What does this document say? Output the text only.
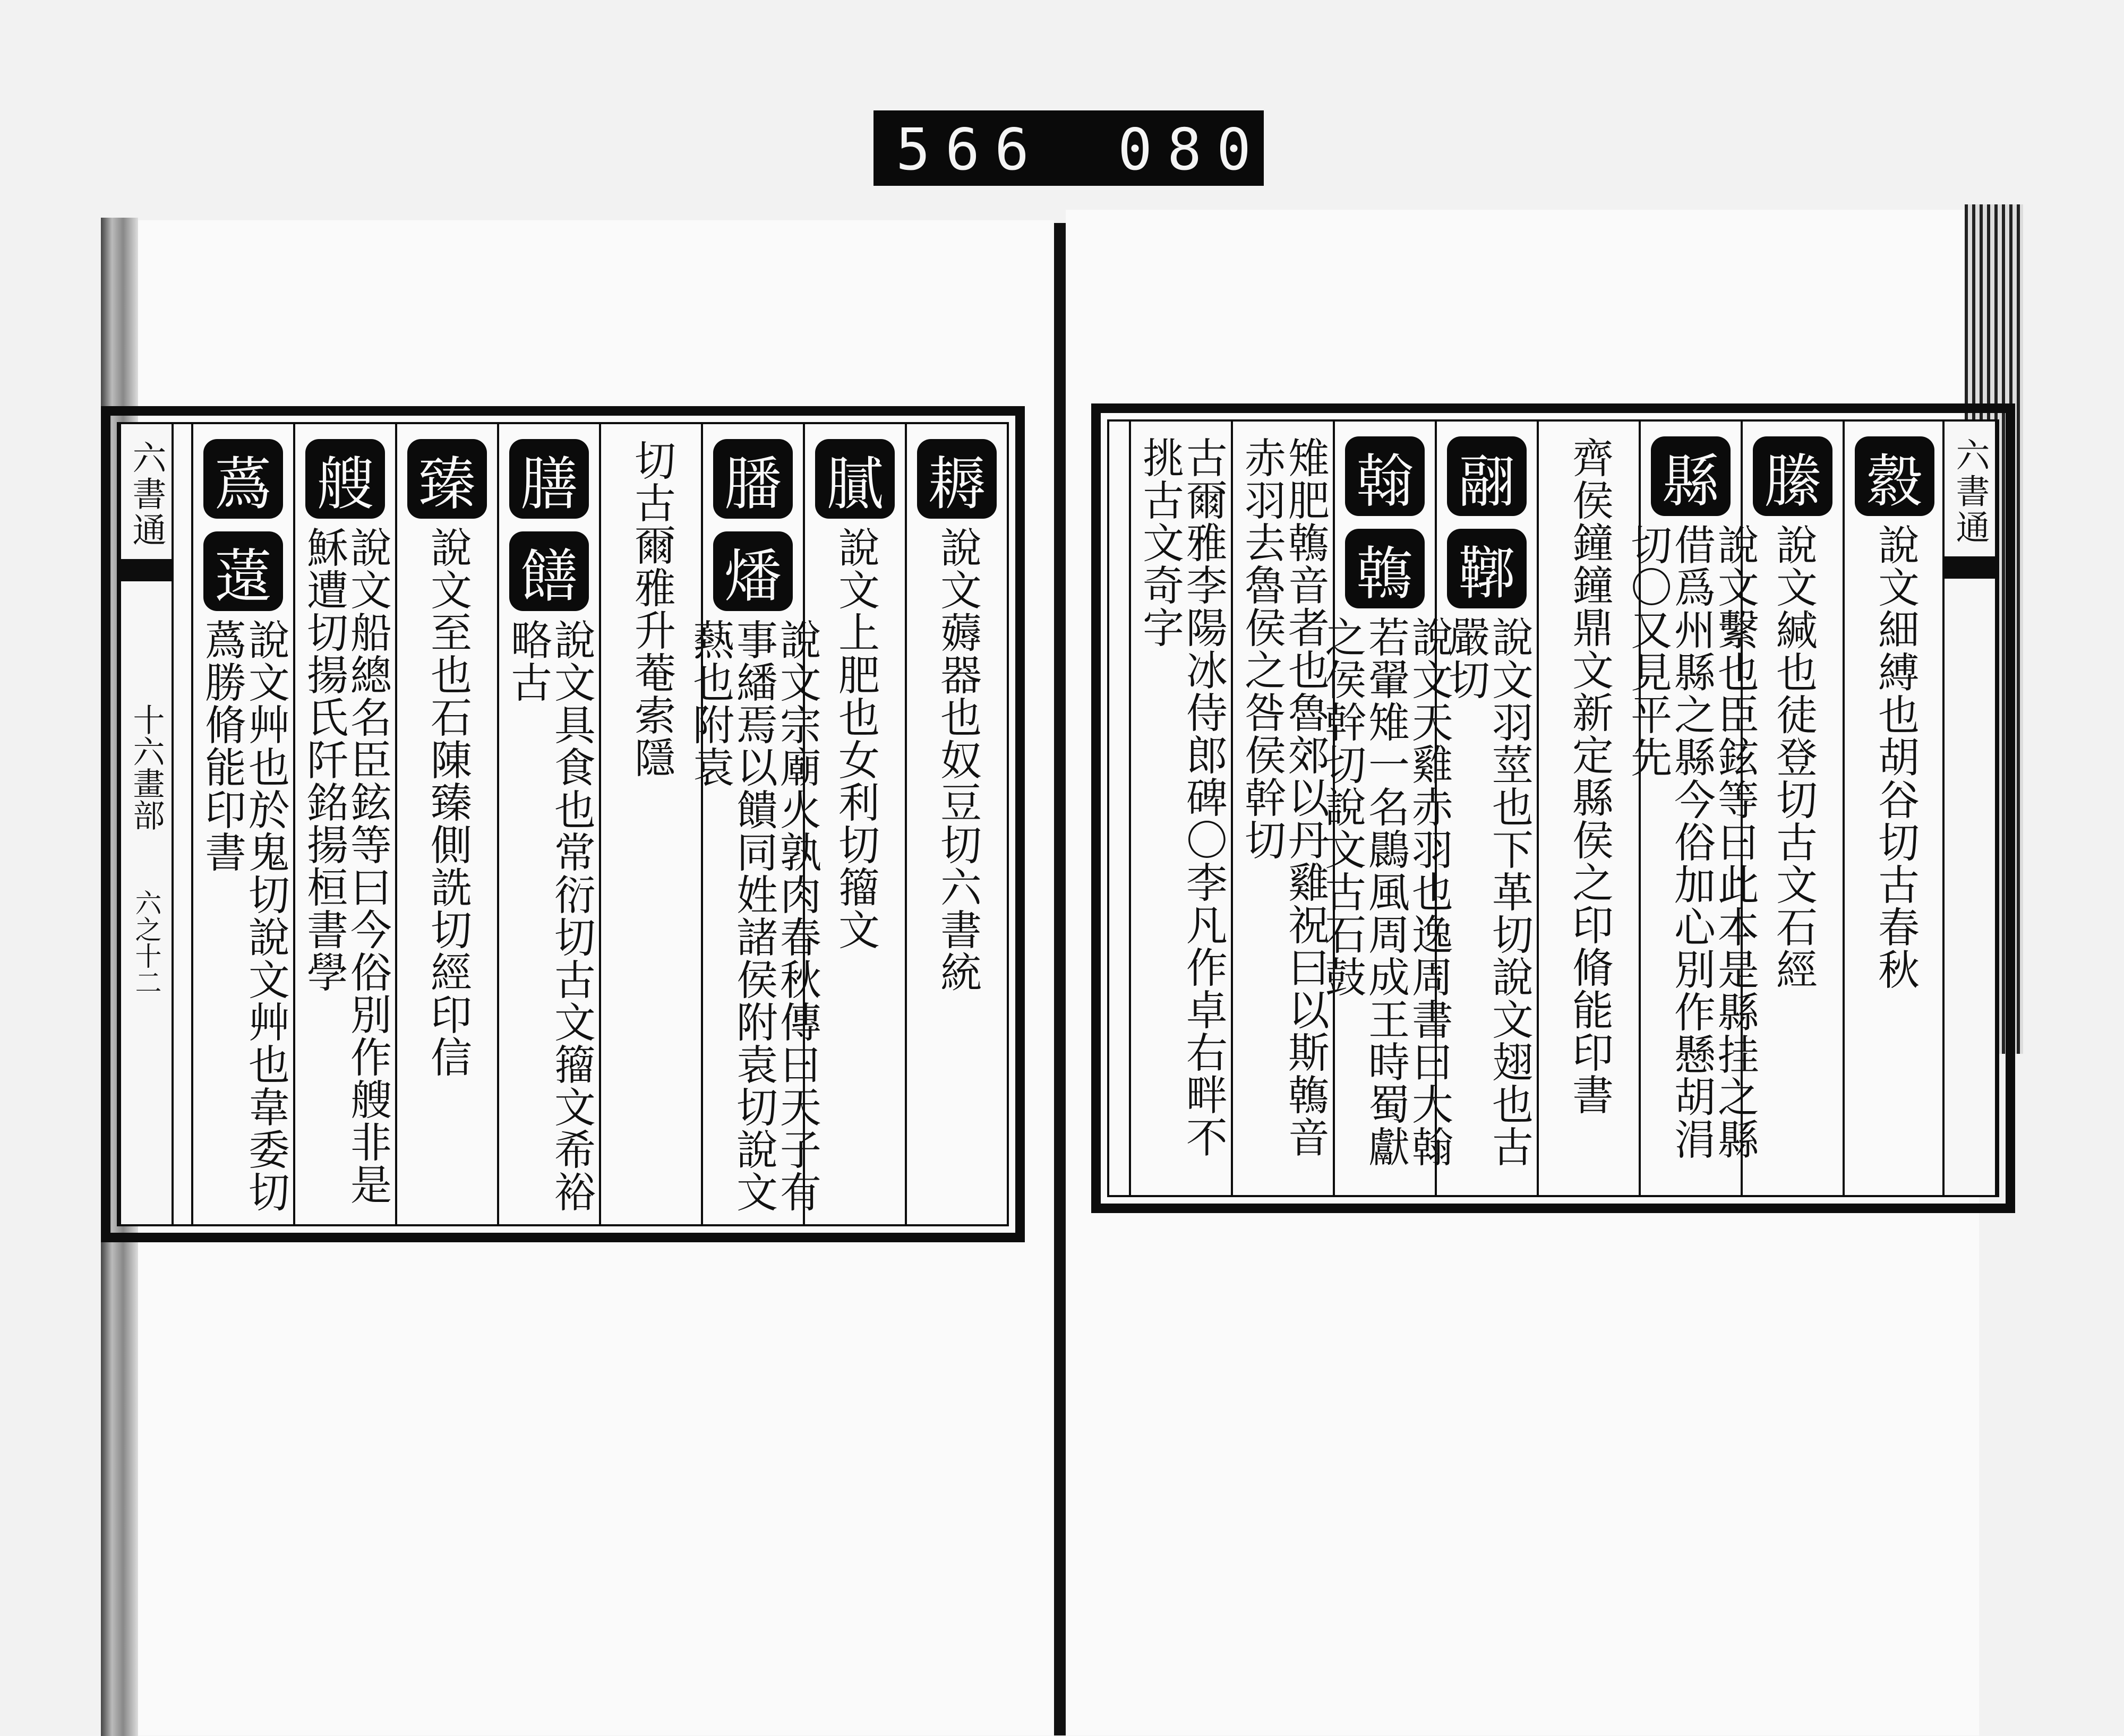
566 080
六書通
十六畫部
六之十二
耨
說文薅器也奴豆切六書統
膩
說文上肥也女利切籀文
膰
燔
說文宗廟火孰肉春秋傳曰天子有事繙焉以饋同姓諸侯附袁切說文爇也附袁
切古爾雅升菴索隱
膳
饍
說文具食也常衍切古文籀文希裕略古
臻
說文至也石陳臻側詵切經印信
艘
說文船總名臣鉉等曰今俗別作艘非是穌遭切揚氏阡銘揚桓書學
蔿
薳
說文艸也於鬼切說文艸也韋委切蔿勝脩能印書
縠
說文細縛也胡谷切古春秋
縢
說文緘也徒登切古文石經
縣
說文繫也臣鉉等曰此本是縣挂之縣借爲州縣之縣今俗加心別作懸胡涓切〇又見平先
齊侯鐘鐘鼎文新定縣侯之印脩能印書
翮
鞹
說文羽莖也下革切說文翅也古嚴切
翰
鶾
說文天雞赤羽也逸周書曰大翰若翬雉一名鷐風周成王時蜀獻之侯幹切說文古石鼓
雉肥鶾音者也魯郊以丹雞祝曰以斯鶾音赤羽去魯侯之咎侯幹切
古爾雅李陽冰侍郎碑〇李凡作卓右畔不挑古文奇字	六書通
